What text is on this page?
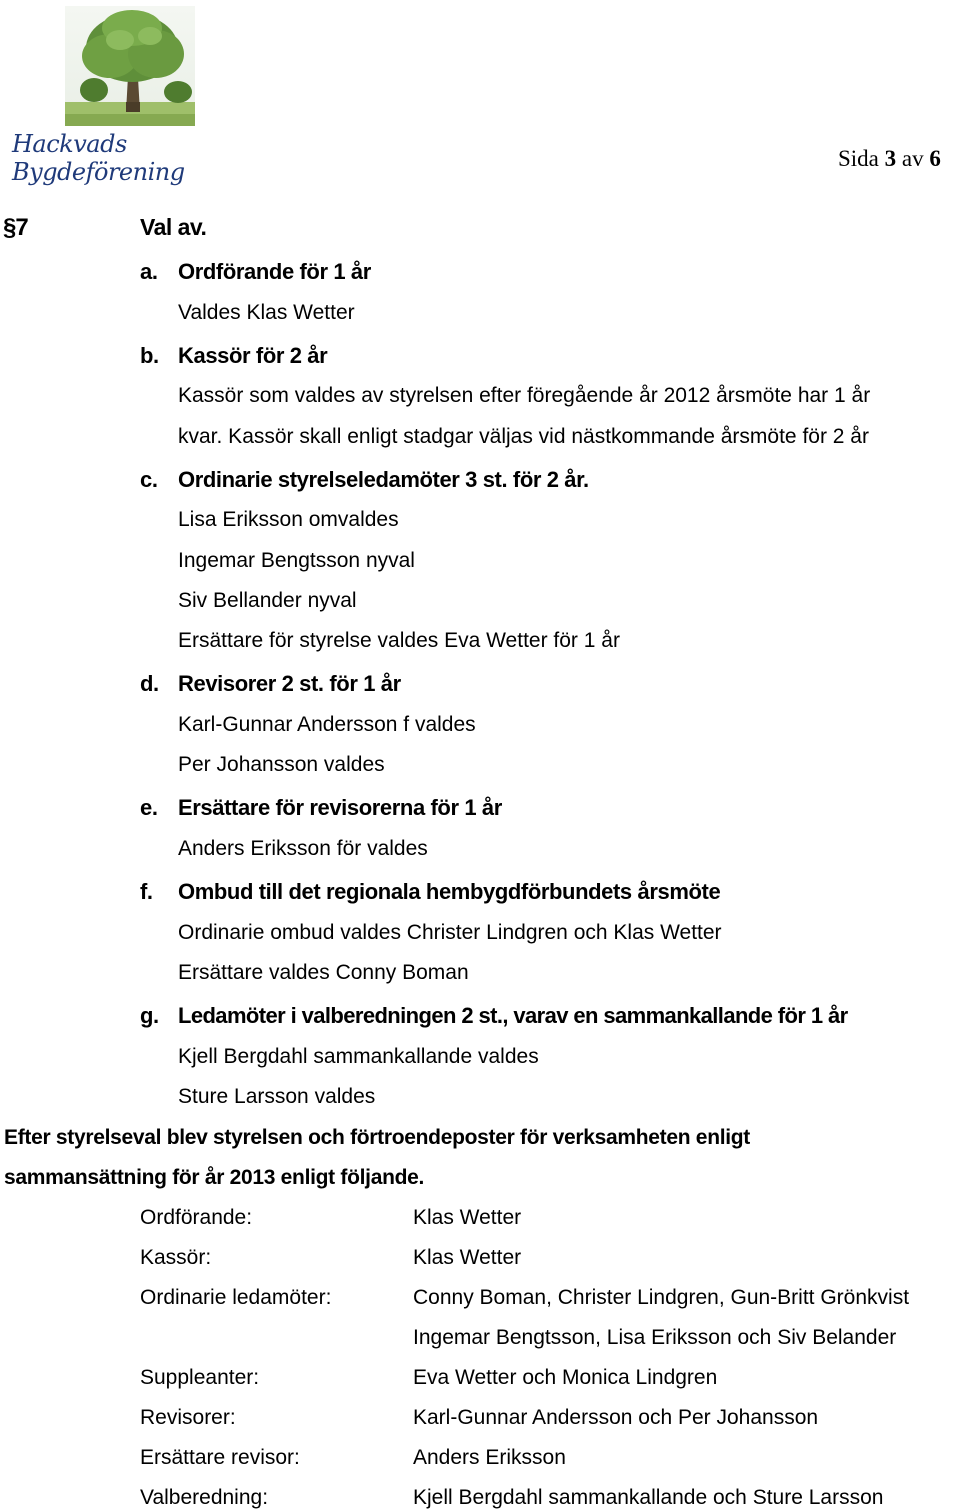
Hackvads Bygdeförening	Sida 3 av 6
§7	Val av.
a. Ordförande för 1 år
Valdes Klas Wetter
b. Kassör för 2 år
Kassör som valdes av styrelsen efter föregående år 2012 årsmöte har 1 år
kvar. Kassör skall enligt stadgar väljas vid nästkommande årsmöte för 2 år
c. Ordinarie styrelseledamöter 3 st. för 2 år.
Lisa Eriksson omvaldes
Ingemar Bengtsson nyval
Siv Bellander nyval
Ersättare för styrelse valdes Eva Wetter för 1 år
d. Revisorer 2 st. för 1 år
Karl-Gunnar Andersson f valdes
Per Johansson valdes
e. Ersättare för revisorerna för 1 år
Anders Eriksson för valdes
f. Ombud till det regionala hembygdförbundets årsmöte
Ordinarie ombud valdes Christer Lindgren och Klas Wetter
Ersättare valdes Conny Boman
g. Ledamöter i valberedningen 2 st., varav en sammankallande för 1 år
Kjell Bergdahl sammankallande valdes
Sture Larsson valdes
Efter styrelseval blev styrelsen och förtroendeposter för verksamheten enligt
sammansättning för år 2013 enligt följande.
Ordförande:	Klas Wetter
Kassör:	Klas Wetter
Ordinarie ledamöter:	Conny Boman, Christer Lindgren, Gun-Britt Grönkvist
Ingemar Bengtsson, Lisa Eriksson och Siv Belander
Suppleanter:	Eva Wetter och Monica Lindgren
Revisorer:	Karl-Gunnar Andersson och Per Johansson
Ersättare revisor:	Anders Eriksson
Valberedning:	Kjell Bergdahl sammankallande och Sture Larsson
